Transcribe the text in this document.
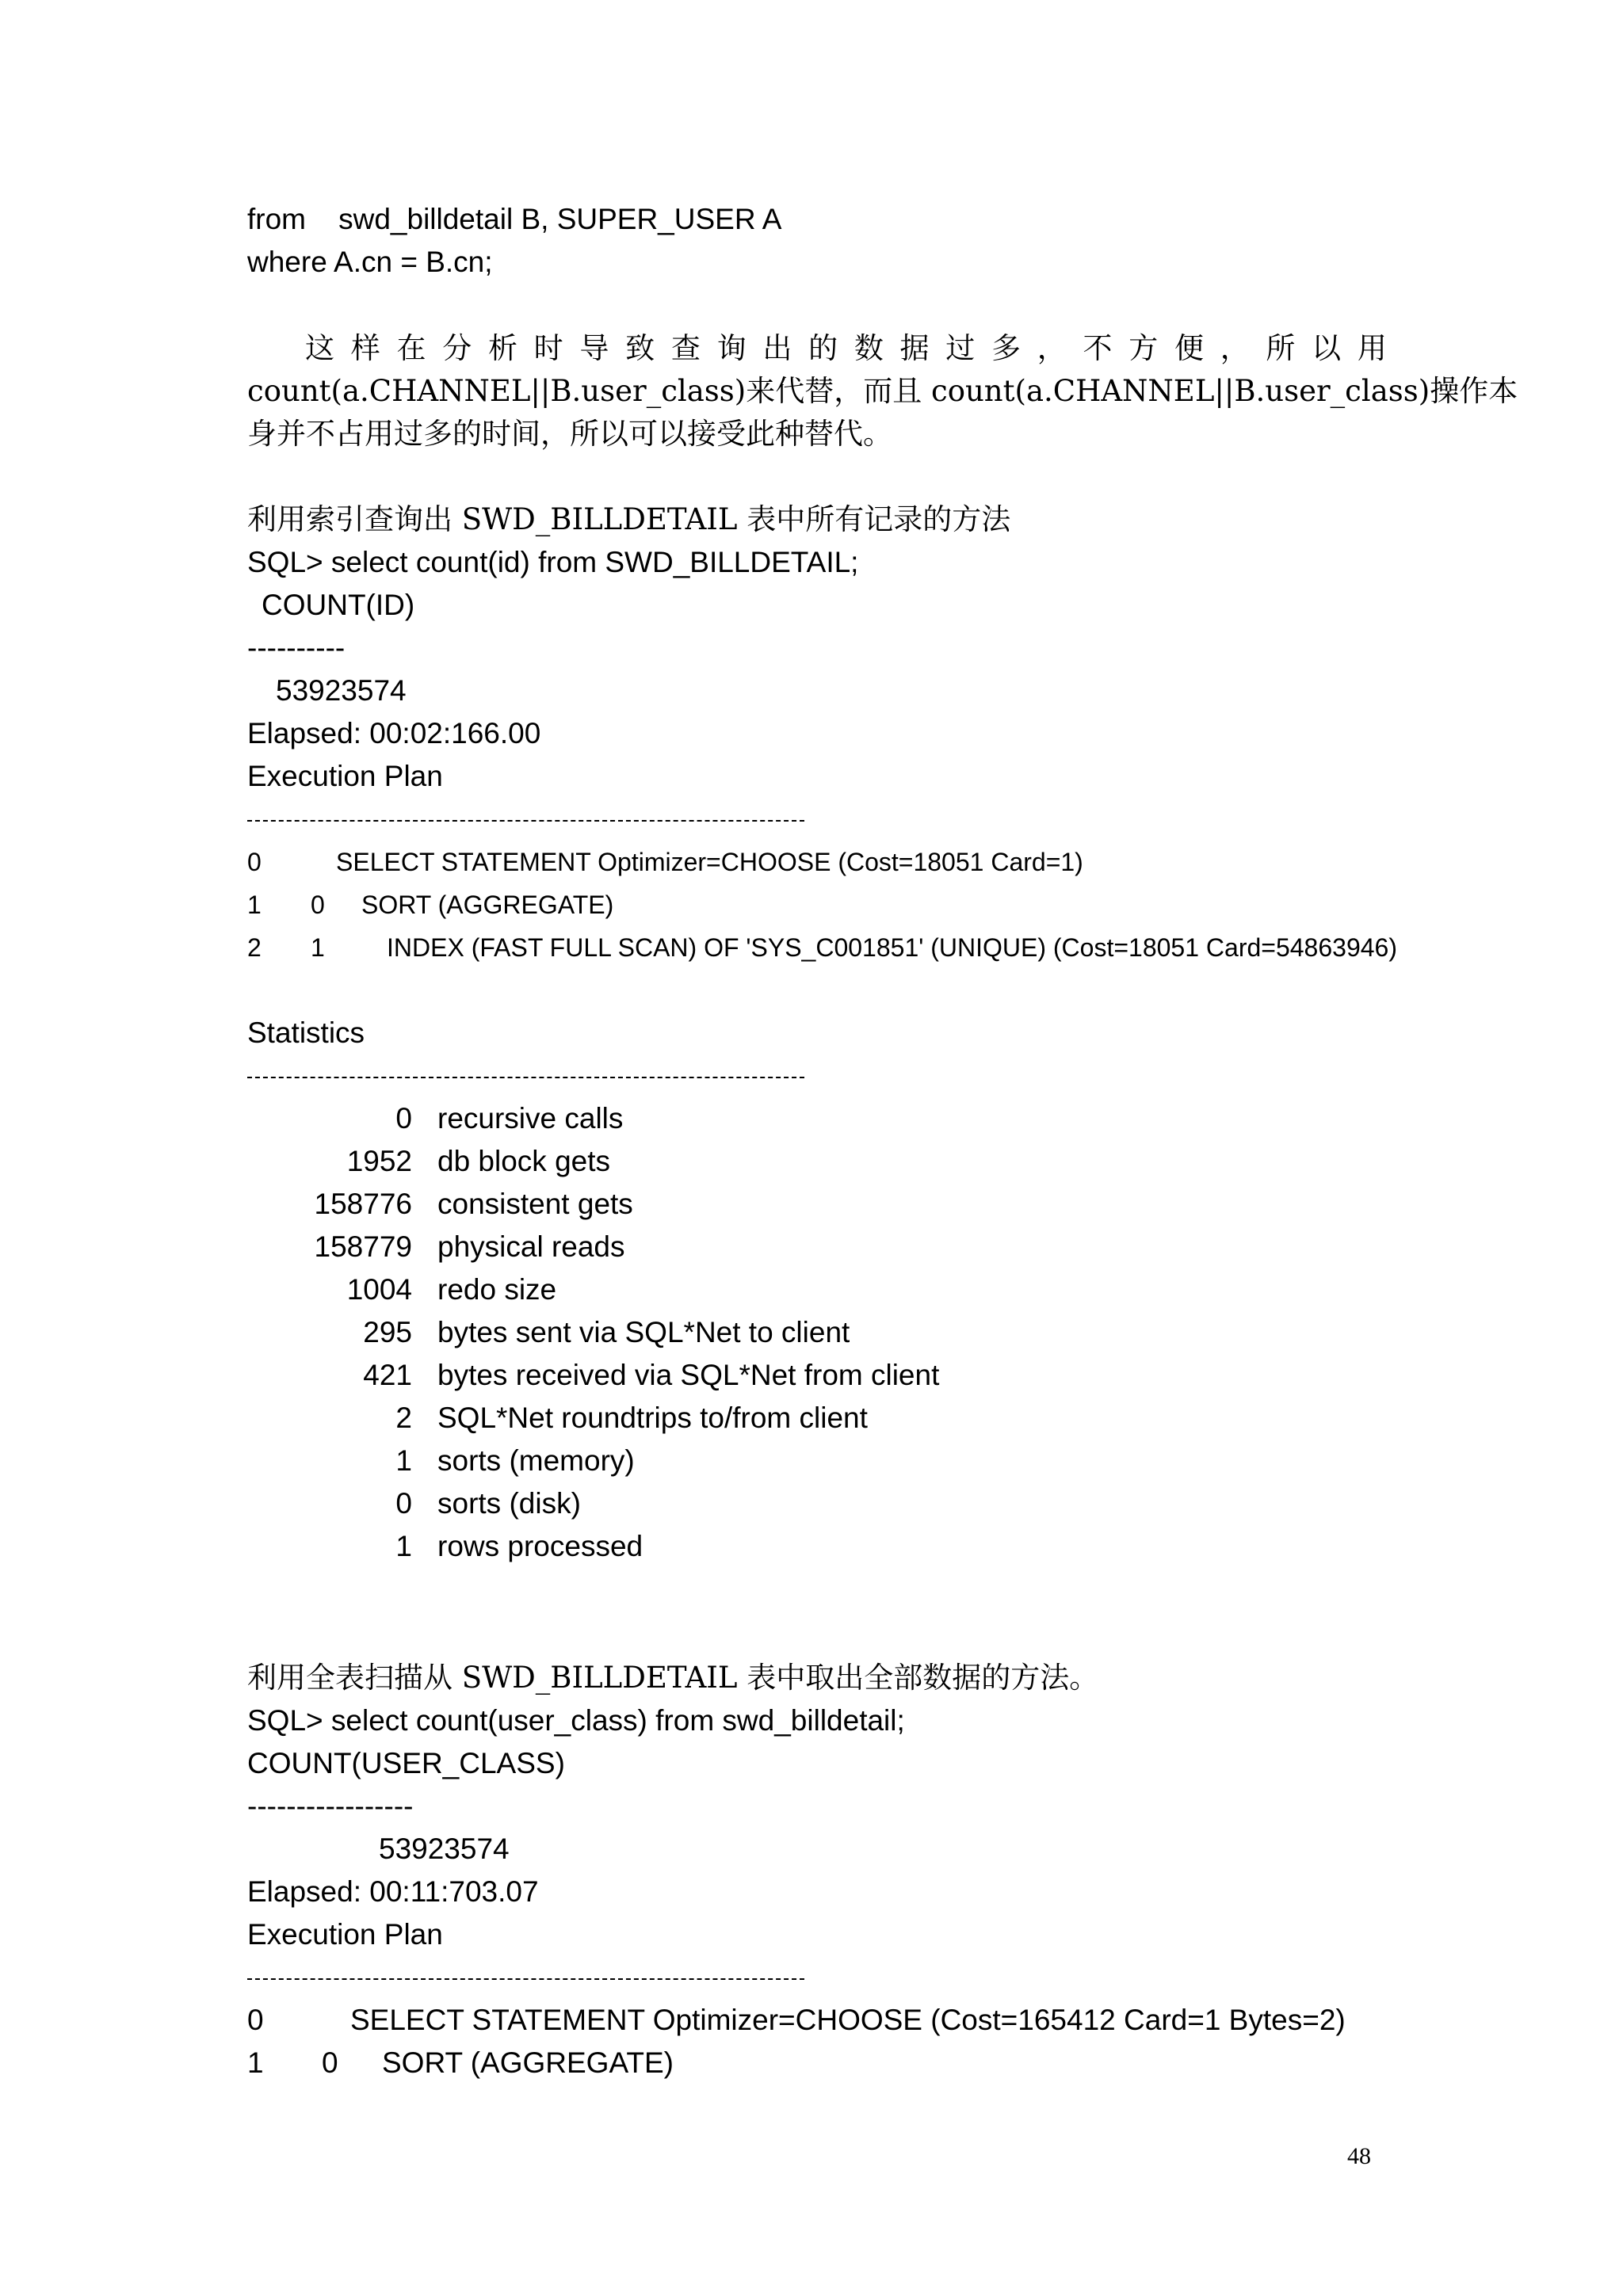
from    swd_billdetail B, SUPER_USER A
where A.cn = B.cn;
这 样 在 分 析 时 导 致 查 询 出 的 数 据 过 多 ， 不 方 便 ， 所 以 用
count(a.CHANNEL||B.user_class)来代替，而且 count(a.CHANNEL||B.user_class)操作本
身并不占用过多的时间，所以可以接受此种替代。
利用索引查询出 SWD_BILLDETAIL 表中所有记录的方法
SQL> select count(id) from SWD_BILLDETAIL;
COUNT(ID)
----------
53923574
Elapsed: 00:02:166.00
Execution Plan
0	SELECT STATEMENT Optimizer=CHOOSE (Cost=18051 Card=1)
1 0 SORT (AGGREGATE)
2 1 INDEX (FAST FULL SCAN) OF 'SYS_C001851' (UNIQUE) (Cost=18051 Card=54863946)
Statistics
0 recursive calls
1952 db block gets
158776 consistent gets
158779 physical reads
1004 redo size
295 bytes sent via SQL*Net to client
421 bytes received via SQL*Net from client
2 SQL*Net roundtrips to/from client
1 sorts (memory)
0 sorts (disk)
1 rows processed
利用全表扫描从 SWD_BILLDETAIL 表中取出全部数据的方法。
SQL> select count(user_class) from swd_billdetail;
COUNT(USER_CLASS)
-----------------
53923574
Elapsed: 00:11:703.07
Execution Plan
0	SELECT STATEMENT Optimizer=CHOOSE (Cost=165412 Card=1 Bytes=2)
1 0 SORT (AGGREGATE)
48
